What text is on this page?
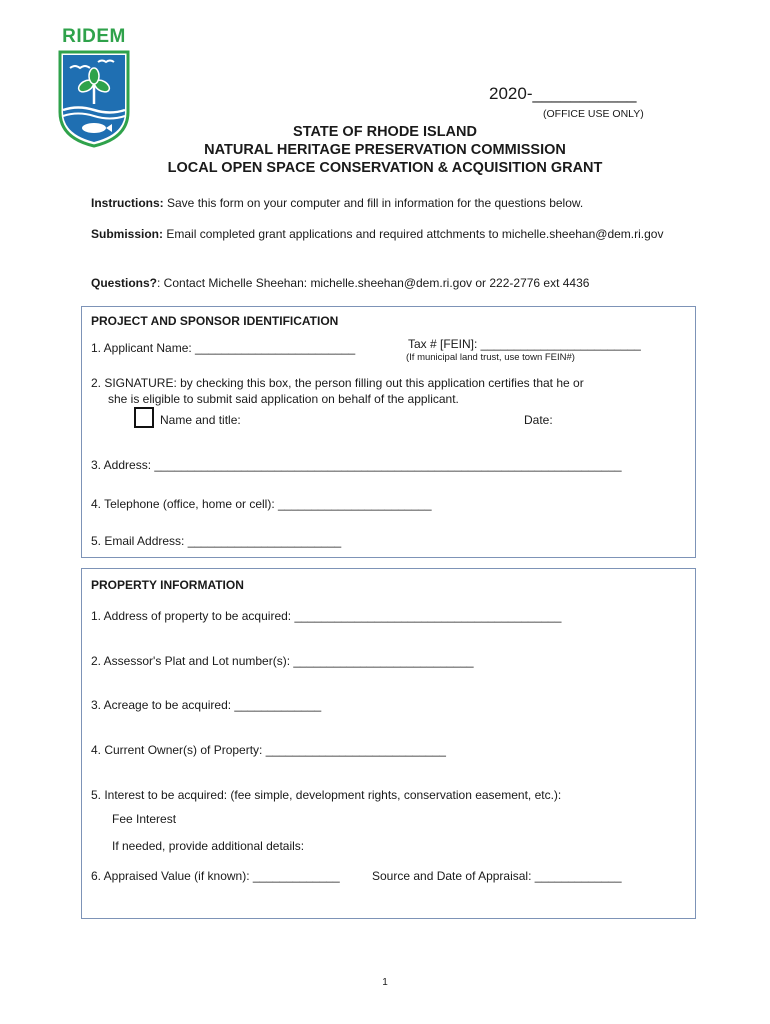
RIDEM
2020-___________
(OFFICE USE ONLY)
STATE OF RHODE ISLAND
NATURAL HERITAGE PRESERVATION COMMISSION
LOCAL OPEN SPACE CONSERVATION & ACQUISITION GRANT
Instructions: Save this form on your computer and fill in information for the questions below.
Submission: Email completed grant applications and required attchments to michelle.sheehan@dem.ri.gov
Questions?: Contact Michelle Sheehan: michelle.sheehan@dem.ri.gov or 222-2776 ext 4436
PROJECT AND SPONSOR IDENTIFICATION
1. Applicant Name: ________________________	Tax # [FEIN]: ________________________
(If municipal land trust, use town FEIN#)
2. SIGNATURE: by checking this box, the person filling out this application certifies that he or
she is eligible to submit said application on behalf of the applicant.
Name and title:	Date:
3. Address: ______________________________________________________________________
4. Telephone (office, home or cell): _______________________
5. Email Address: _______________________
PROPERTY INFORMATION
1. Address of property to be acquired: ________________________________________
2. Assessor's Plat and Lot number(s): ___________________________
3. Acreage to be acquired: _____________
4. Current Owner(s) of Property: ___________________________
5. Interest to be acquired: (fee simple, development rights, conservation easement, etc.):
Fee Interest
If needed, provide additional details:
6. Appraised Value (if known): _____________	Source and Date of Appraisal: _____________
1
